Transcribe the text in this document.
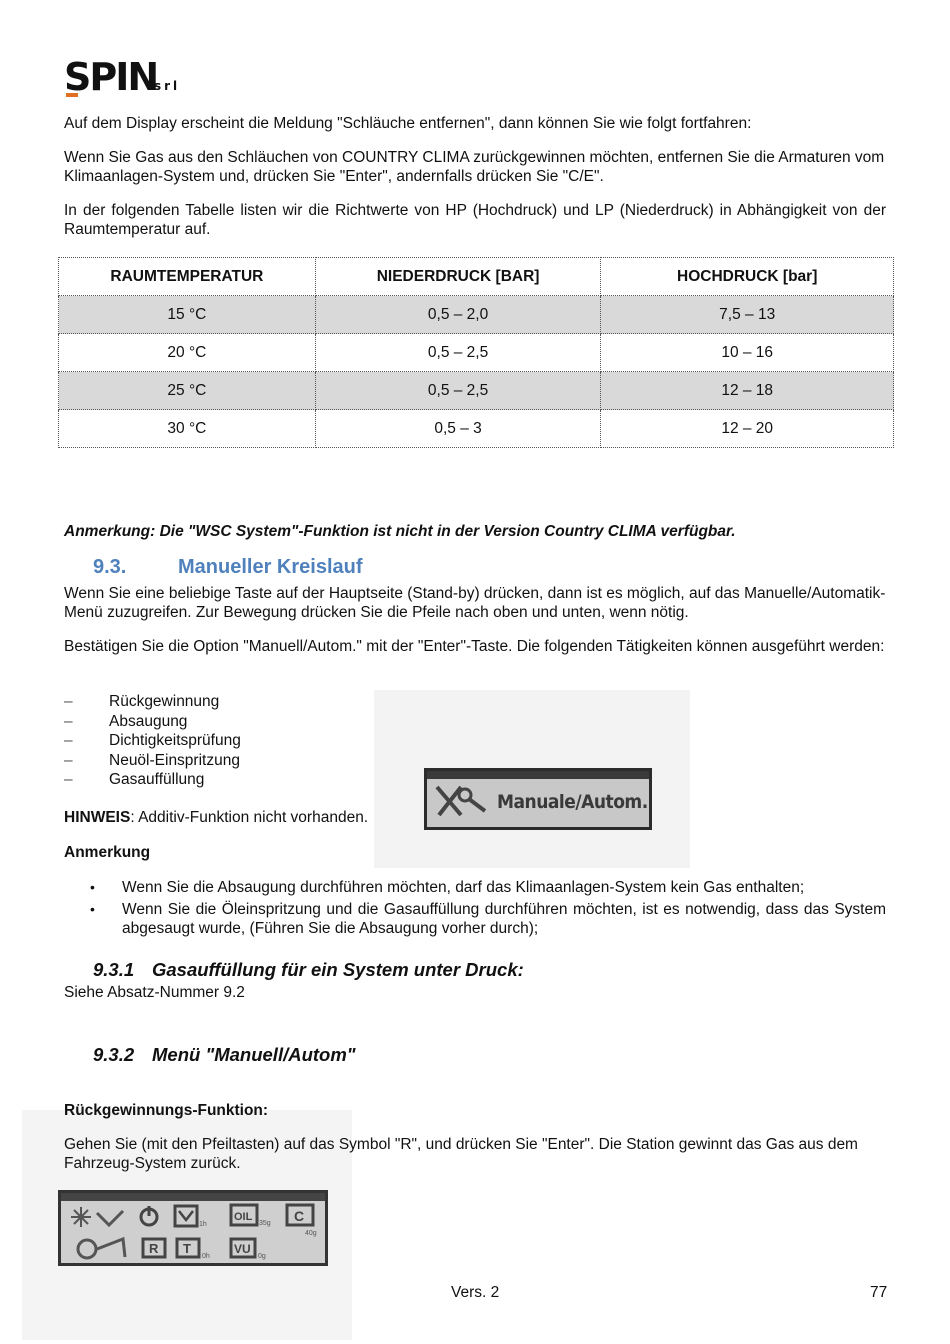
SPIN
srl
Auf dem Display erscheint die Meldung "Schläuche entfernen", dann können Sie wie folgt fortfahren:
Wenn Sie Gas aus den Schläuchen von COUNTRY CLIMA zurückgewinnen möchten, entfernen Sie die Armaturen vom Klimaanlagen-System und, drücken Sie "Enter", andernfalls drücken Sie "C/E".
In der folgenden Tabelle listen wir die Richtwerte von HP (Hochdruck) und LP (Niederdruck) in Abhängigkeit von der Raumtemperatur auf.
RAUMTEMPERATUR	NIEDERDRUCK [BAR]	HOCHDRUCK [bar]
15 °C	0,5 – 2,0	7,5 – 13
20 °C	0,5 – 2,5	10 – 16
25 °C	0,5 – 2,5	12 – 18
30 °C	0,5 – 3	12 – 20
Anmerkung: Die "WSC System"-Funktion ist nicht in der Version Country CLIMA verfügbar.
9.3.	Manueller Kreislauf
Wenn Sie eine beliebige Taste auf der Hauptseite (Stand-by) drücken, dann ist es möglich, auf das Manuelle/Automatik-Menü zuzugreifen. Zur Bewegung drücken Sie die Pfeile nach oben und unten, wenn nötig.
Bestätigen Sie die Option "Manuell/Autom." mit der "Enter"-Taste. Die folgenden Tätigkeiten können ausgeführt werden:
Manuale/Autom.
– Rückgewinnung
– Absaugung
– Dichtigkeitsprüfung
– Neuöl-Einspritzung
– Gasauffüllung
HINWEIS: Additiv-Funktion nicht vorhanden.
Anmerkung
• Wenn Sie die Absaugung durchführen möchten, darf das Klimaanlagen-System kein Gas enthalten;
• Wenn Sie die Öleinspritzung und die Gasauffüllung durchführen möchten, ist es notwendig, dass das System abgesaugt wurde, (Führen Sie die Absaugung vorher durch);
9.3.1 Gasauffüllung für ein System unter Druck:
Siehe Absatz-Nummer 9.2
9.3.2 Menü "Manuell/Autom"
Rückgewinnungs-Funktion:
Gehen Sie (mit den Pfeiltasten) auf das Symbol "R", und drücken Sie "Enter". Die Station gewinnt das Gas aus dem Fahrzeug-System zurück.
1h
OIL
35g C
40g
R T
0h
VU
0g
Vers. 2	77
